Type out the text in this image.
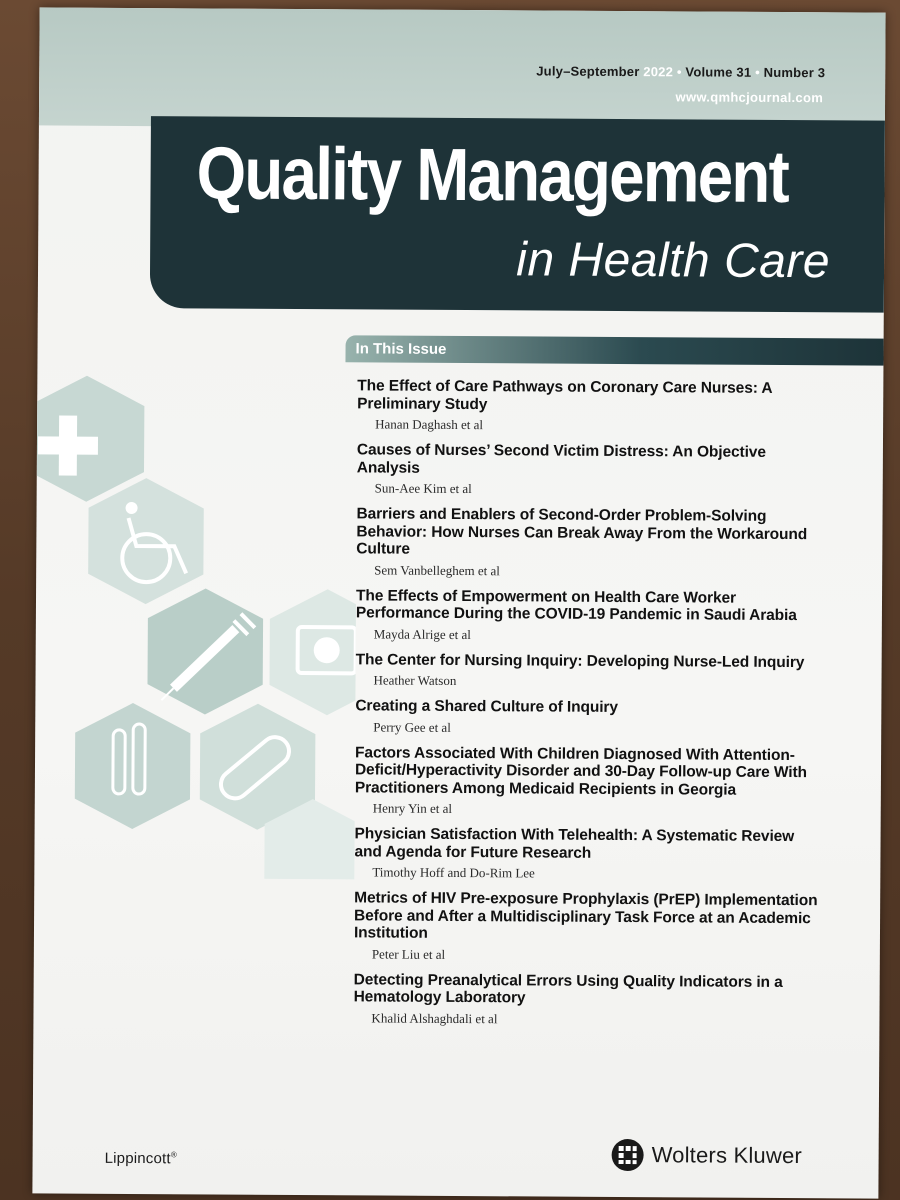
July–September 2022 • Volume 31 • Number 3
www.qmhcjournal.com
Quality Management
in Health Care
In This Issue
The Effect of Care Pathways on Coronary Care Nurses: A Preliminary Study
Hanan Daghash et al
Causes of Nurses’ Second Victim Distress: An Objective Analysis
Sun-Aee Kim et al
Barriers and Enablers of Second-Order Problem-Solving Behavior: How Nurses Can Break Away From the Workaround Culture
Sem Vanbelleghem et al
The Effects of Empowerment on Health Care Worker Performance During the COVID-19 Pandemic in Saudi Arabia
Mayda Alrige et al
The Center for Nursing Inquiry: Developing Nurse-Led Inquiry
Heather Watson
Creating a Shared Culture of Inquiry
Perry Gee et al
Factors Associated With Children Diagnosed With Attention-Deficit/Hyperactivity Disorder and 30-Day Follow-up Care With Practitioners Among Medicaid Recipients in Georgia
Henry Yin et al
Physician Satisfaction With Telehealth: A Systematic Review and Agenda for Future Research
Timothy Hoff and Do-Rim Lee
Metrics of HIV Pre-exposure Prophylaxis (PrEP) Implementation Before and After a Multidisciplinary Task Force at an Academic Institution
Peter Liu et al
Detecting Preanalytical Errors Using Quality Indicators in a Hematology Laboratory
Khalid Alshaghdali et al
Lippincott®	Wolters Kluwer
